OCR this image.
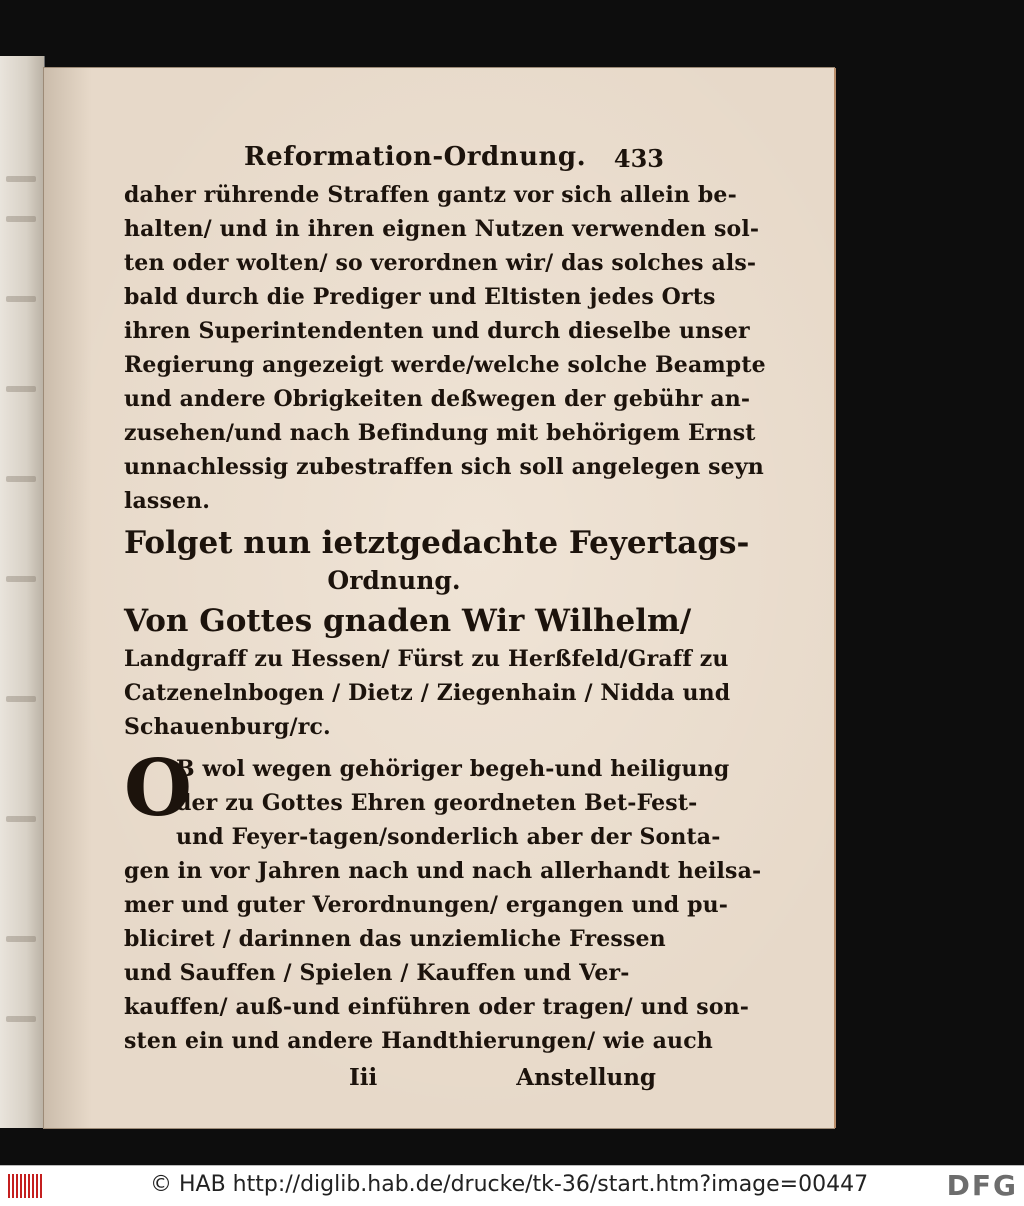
Reformation-Ordnung. 433
daher rührende Straffen gantz vor sich allein be-
halten/ und in ihren eignen Nutzen verwenden sol-
ten oder wolten/ so verordnen wir/ das solches als-
bald durch die Prediger und Eltisten jedes Orts
ihren Superintendenten und durch dieselbe unser
Regierung angezeigt werde/welche solche Beampte
und andere Obrigkeiten deßwegen der gebühr an-
zusehen/und nach Befindung mit behörigem Ernst
unnachlessig zubestraffen sich soll angelegen seyn
lassen.
Folget nun ietztgedachte Feyertags-
Ordnung.
Von Gottes gnaden Wir Wilhelm/
Landgraff zu Hessen/ Fürst zu Herßfeld/Graff zu
Catzenelnbogen / Dietz / Ziegenhain / Nidda und
Schauenburg/rc.
O
B wol wegen gehöriger begeh-und heiligung
der zu Gottes Ehren geordneten Bet-Fest-
und Feyer-tagen/sonderlich aber der Sonta-
gen in vor Jahren nach und nach allerhandt heilsa-
mer und guter Verordnungen/ ergangen und pu-
bliciret / darinnen das unziemliche Fressen
und Sauffen / Spielen / Kauffen und Ver-
kauffen/ auß-und einführen oder tragen/ und son-
sten ein und andere Handthierungen/ wie auch
Iii	Anstellung
© HAB http://diglib.hab.de/drucke/tk-36/start.htm?image=00447	DFG
